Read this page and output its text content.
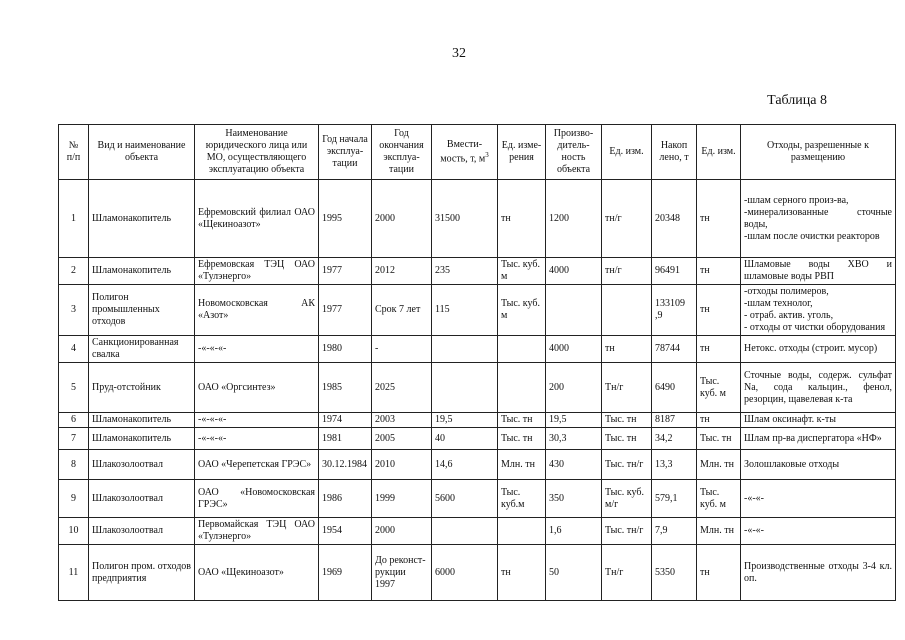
32
Таблица 8
№
п/п	Вид и наименование объекта	Наименование юридического лица или МО, осуществляющего эксплуатацию объекта	Год начала эксплуа-тации	Год окончания эксплуа-тации	Вмести-мость, т, $м^3$	Ед. изме-рения	Произво-дитель-ность объекта	Ед. изм.	Накоп лено, т	Ед. изм.	Отходы, разрешенные к размещению
1	Шламонакопитель	Ефремовский филиал ОАО «Щекиноазот»	1995	2000	31500	тн	1200	тн/г	20348	тн	-шлам серного произ-ва,
-минерализованные сточные воды,
-шлам после очистки реакторов
2	Шламонакопитель	Ефремовская ТЭЦ ОАО «Тулэнерго»	1977	2012	235	Тыс. куб. м	4000	тн/г	96491	тн	Шламовые воды ХВО и шламовые воды РВП
3	Полигон промышленных отходов	Новомосковская АК «Азот»	1977	Срок 7 лет	115	Тыс. куб. м			133109 ,9	тн	-отходы полимеров,
-шлам технолог,
- отраб. актив. уголь,
- отходы от чистки оборудования
4	Санкционированная свалка	-«-«-«-	1980	-			4000	тн	78744	тн	Нетокс. отходы (строит. мусор)
5	Пруд-отстойник	ОАО «Оргсинтез»	1985	2025			200	Тн/г	6490	Тыс. куб. м	Сточные воды, содерж. сульфат Na, сода кальцин., фенол, резорцин, щавелевая к-та
6	Шламонакопитель	-«-«-«-	1974	2003	19,5	Тыс. тн	19,5	Тыс. тн	8187	тн	Шлам оксинафт. к-ты
7	Шламонакопитель	-«-«-«-	1981	2005	40	Тыс. тн	30,3	Тыс. тн	34,2	Тыс. тн	Шлам пр-ва диспергатора «НФ»
8	Шлакозолоотвал	ОАО «Черепетская ГРЭС»	30.12.1984	2010	14,6	Млн. тн	430	Тыс. тн/г	13,3	Млн. тн	Золошлаковые отходы
9	Шлакозолоотвал	ОАО «Новомосковская ГРЭС»	1986	1999	5600	Тыс. куб.м	350	Тыс. куб. м/г	579,1	Тыс. куб. м	-«-«-
10	Шлакозолоотвал	Первомайская ТЭЦ ОАО «Тулэнерго»	1954	2000			1,6	Тыс. тн/г	7,9	Млн. тн	-«-«-
11	Полигон пром. отходов предприятия	ОАО «Щекиноазот»	1969	До реконст-рукции 1997	6000	тн	50	Тн/г	5350	тн	Производственные отходы 3-4 кл. оп.
